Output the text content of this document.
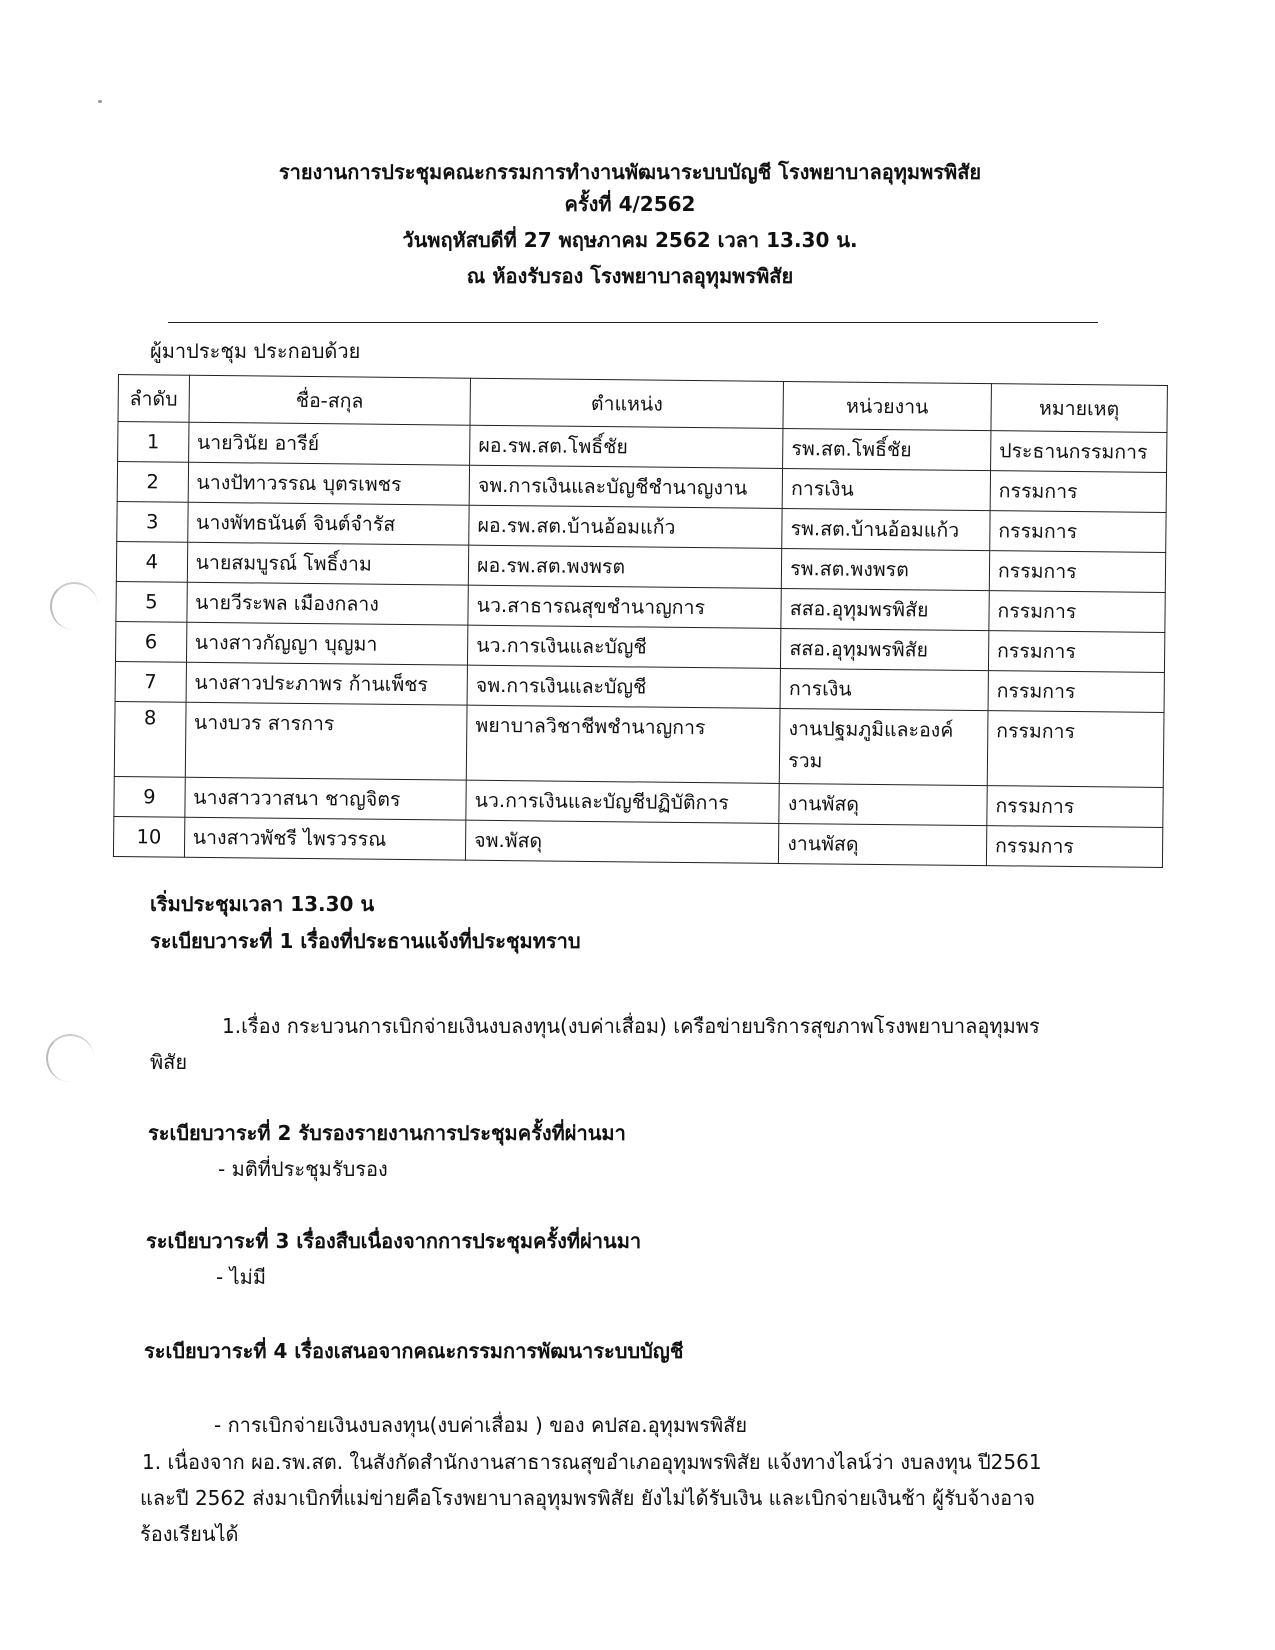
รายงานการประชุมคณะกรรมการทำงานพัฒนาระบบบัญชี โรงพยาบาลอุทุมพรพิสัย
ครั้งที่ 4/2562
วันพฤหัสบดีที่ 27 พฤษภาคม 2562 เวลา 13.30 น.
ณ ห้องรับรอง โรงพยาบาลอุทุมพรพิสัย
ผู้มาประชุม ประกอบด้วย
ลำดับ	ชื่อ-สกุล	ตำแหน่ง	หน่วยงาน	หมายเหตุ
1	นายวินัย อารีย์	ผอ.รพ.สต.โพธิ์ชัย	รพ.สต.โพธิ์ชัย	ประธานกรรมการ
2	นางปัทาวรรณ บุตรเพชร	จพ.การเงินและบัญชีชำนาญงาน	การเงิน	กรรมการ
3	นางพัทธนันต์ จินต์จำรัส	ผอ.รพ.สต.บ้านอ้อมแก้ว	รพ.สต.บ้านอ้อมแก้ว	กรรมการ
4	นายสมบูรณ์ โพธิ์งาม	ผอ.รพ.สต.พงพรต	รพ.สต.พงพรต	กรรมการ
5	นายวีระพล เมืองกลาง	นว.สาธารณสุขชำนาญการ	สสอ.อุทุมพรพิสัย	กรรมการ
6	นางสาวกัญญา บุญมา	นว.การเงินและบัญชี	สสอ.อุทุมพรพิสัย	กรรมการ
7	นางสาวประภาพร ก้านเพ็ชร	จพ.การเงินและบัญชี	การเงิน	กรรมการ
8	นางบวร สารการ	พยาบาลวิชาชีพชำนาญการ	งานปฐมภูมิและองค์รวม	กรรมการ
9	นางสาววาสนา ชาญจิตร	นว.การเงินและบัญชีปฏิบัติการ	งานพัสดุ	กรรมการ
10	นางสาวพัชรี ไพรวรรณ	จพ.พัสดุ	งานพัสดุ	กรรมการ
เริ่มประชุมเวลา 13.30 น
ระเบียบวาระที่ 1 เรื่องที่ประธานแจ้งที่ประชุมทราบ
1.เรื่อง กระบวนการเบิกจ่ายเงินงบลงทุน(งบค่าเสื่อม) เครือข่ายบริการสุขภาพโรงพยาบาลอุทุมพร
พิสัย
ระเบียบวาระที่ 2 รับรองรายงานการประชุมครั้งที่ผ่านมา
- มติที่ประชุมรับรอง
ระเบียบวาระที่ 3 เรื่องสืบเนื่องจากการประชุมครั้งที่ผ่านมา
- ไม่มี
ระเบียบวาระที่ 4 เรื่องเสนอจากคณะกรรมการพัฒนาระบบบัญชี
- การเบิกจ่ายเงินงบลงทุน(งบค่าเสื่อม ) ของ คปสอ.อุทุมพรพิสัย
1. เนื่องจาก ผอ.รพ.สต. ในสังกัดสำนักงานสาธารณสุขอำเภออุทุมพรพิสัย แจ้งทางไลน์ว่า งบลงทุน ปี2561
และปี 2562 ส่งมาเบิกที่แม่ข่ายคือโรงพยาบาลอุทุมพรพิสัย ยังไม่ได้รับเงิน และเบิกจ่ายเงินช้า ผู้รับจ้างอาจ
ร้องเรียนได้
